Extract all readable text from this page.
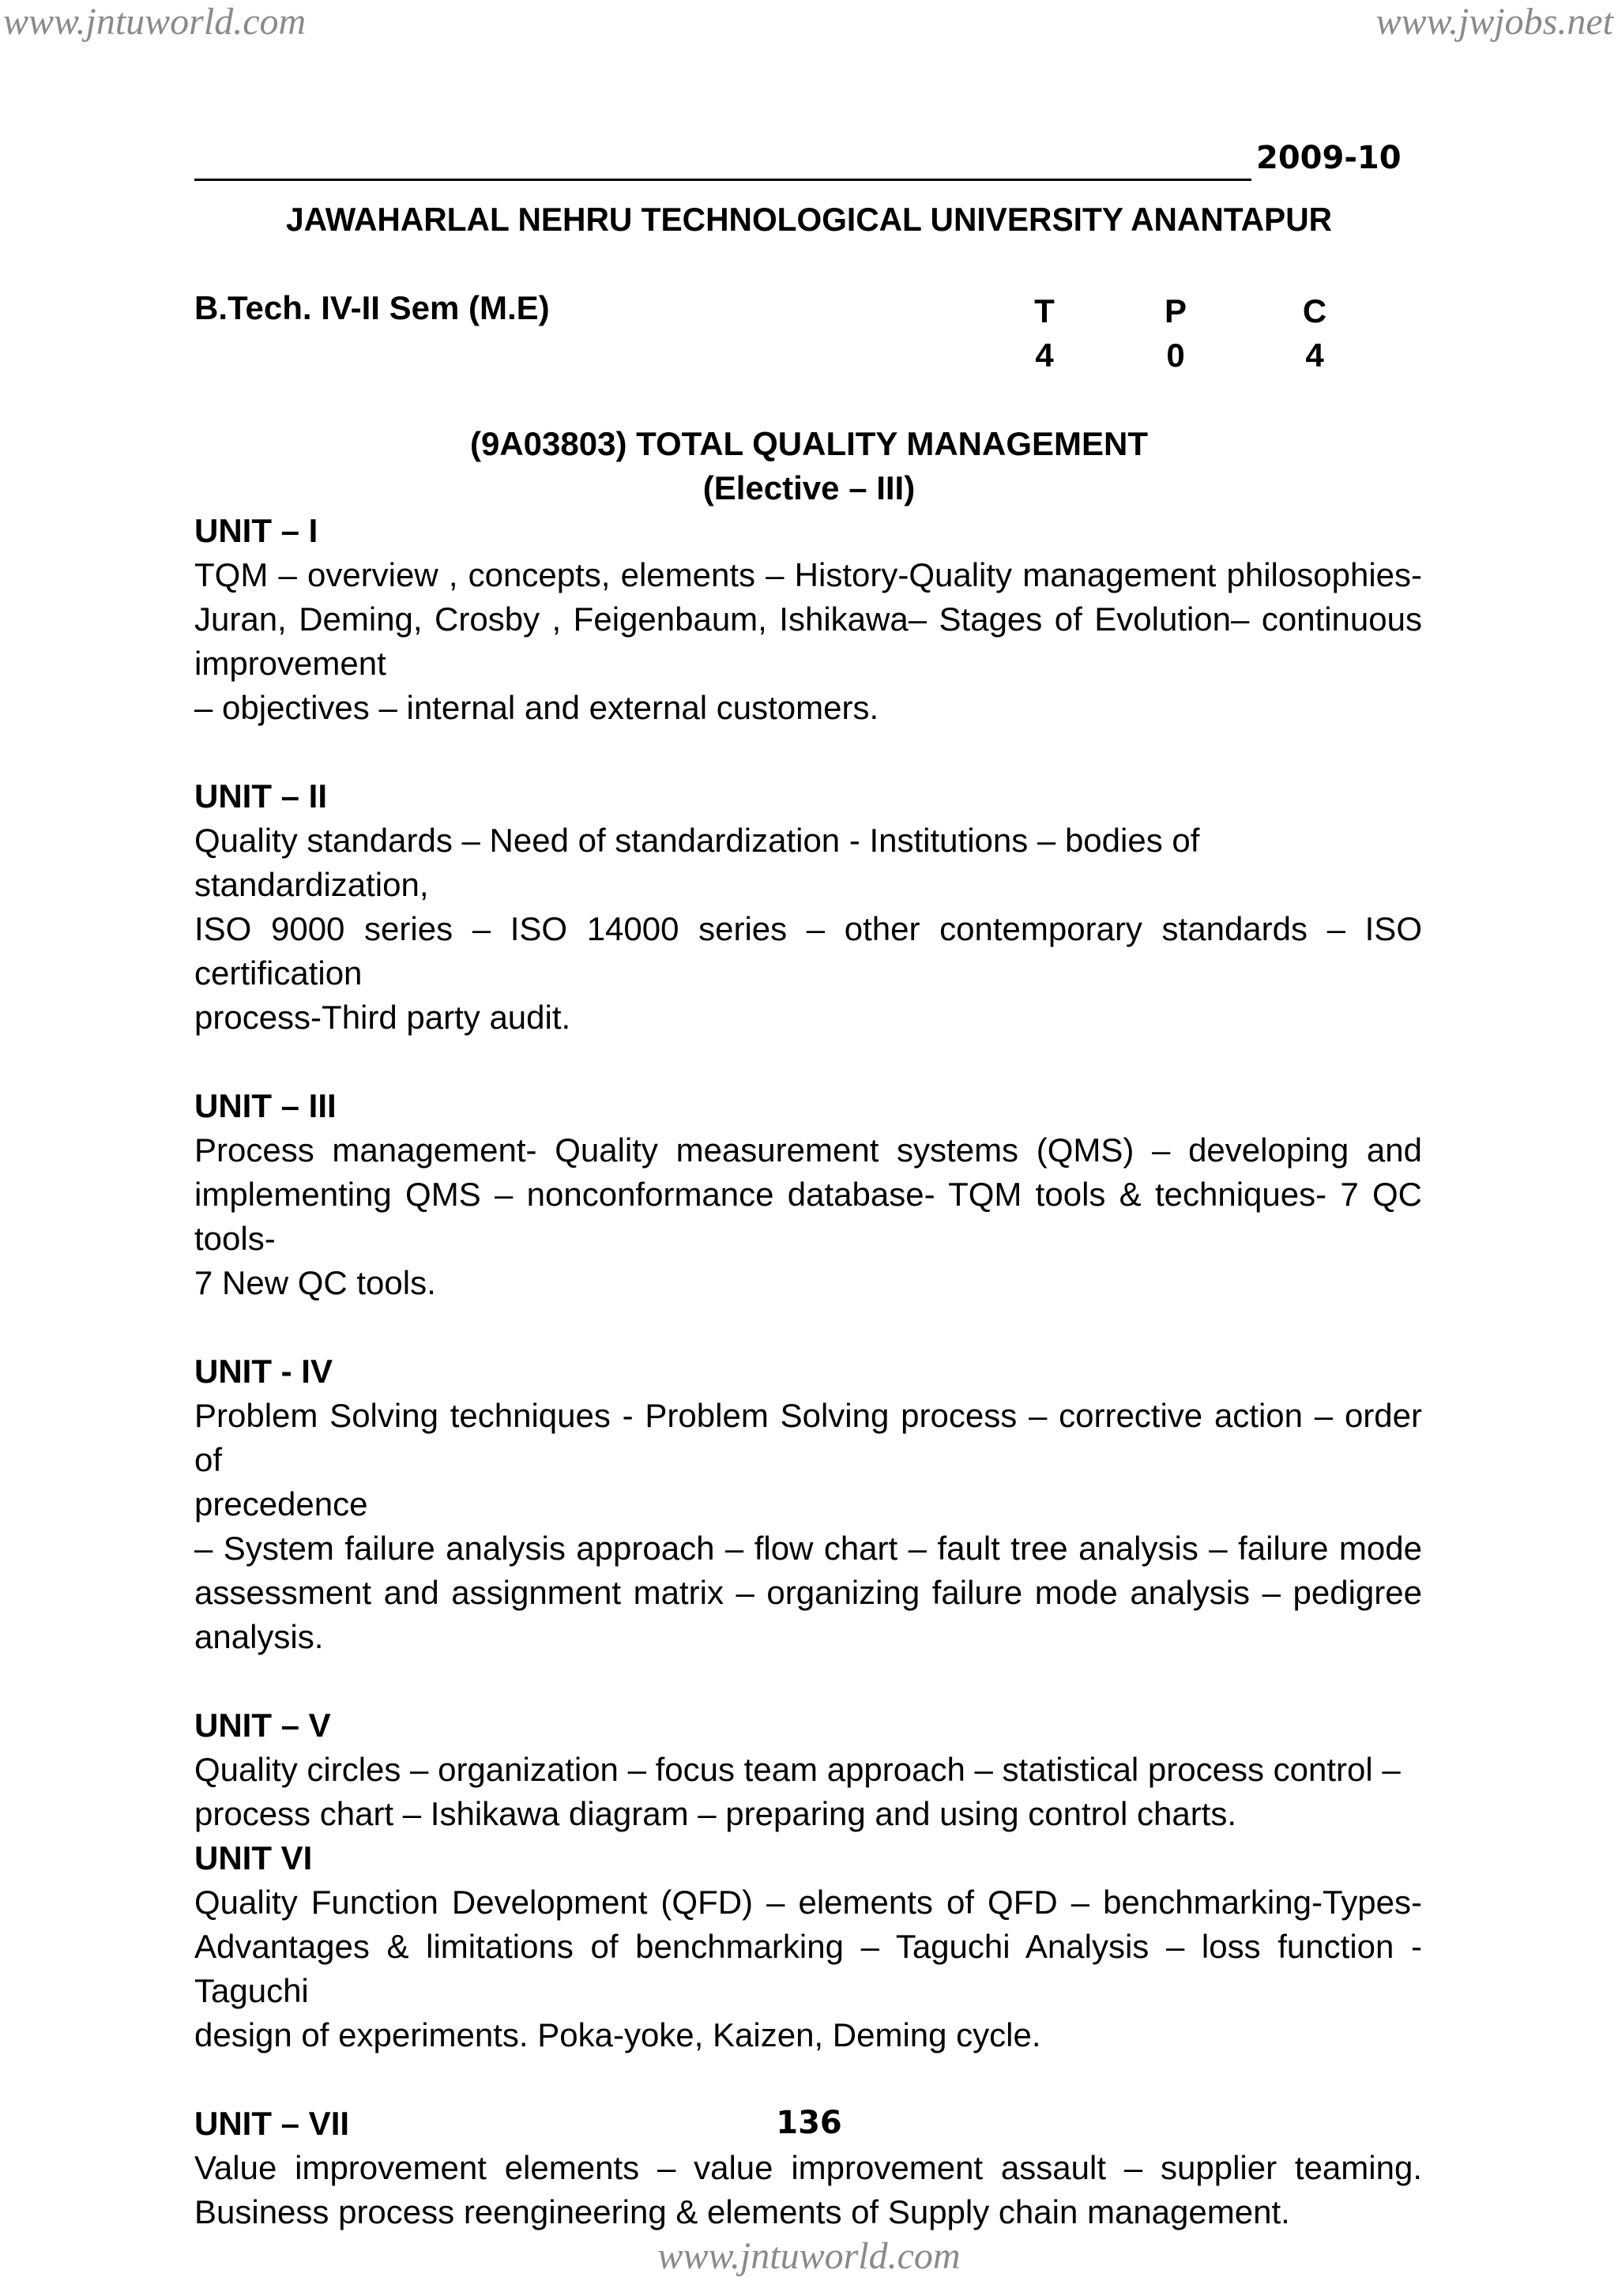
www.jntuworld.com	www.jwjobs.net
2009-10
JAWAHARLAL NEHRU TECHNOLOGICAL UNIVERSITY ANANTAPUR
B.Tech. IV-II Sem (M.E)	T
4
P
0
C
4
(9A03803) TOTAL QUALITY MANAGEMENT
(Elective – III)

UNIT – I

TQM – overview , concepts, elements – History-Quality management philosophies-

Juran, Deming, Crosby , Feigenbaum, Ishikawa– Stages of Evolution– continuous

improvement

– objectives – internal and external customers.

UNIT – II

Quality standards – Need of standardization - Institutions – bodies of standardization,

ISO 9000 series – ISO 14000 series – other contemporary standards – ISO certification

process-Third party audit.

UNIT – III

Process management- Quality measurement systems (QMS) – developing and

implementing QMS – nonconformance database- TQM tools & techniques- 7 QC tools-

7 New QC tools.

UNIT - IV

Problem Solving techniques - Problem Solving process – corrective action – order of

precedence

– System failure analysis approach – flow chart – fault tree analysis – failure mode

assessment and assignment matrix – organizing failure mode analysis – pedigree

analysis.

UNIT – V

Quality circles – organization – focus team approach – statistical process control –

process chart – Ishikawa diagram – preparing and using control charts.

UNIT VI

Quality Function Development (QFD) – elements of QFD – benchmarking-Types-

Advantages & limitations of benchmarking – Taguchi Analysis – loss function - Taguchi

design of experiments. Poka-yoke, Kaizen, Deming cycle.

UNIT – VII

Value improvement elements – value improvement assault – supplier teaming.

Business process reengineering & elements of Supply chain management.

136
www.jntuworld.com
